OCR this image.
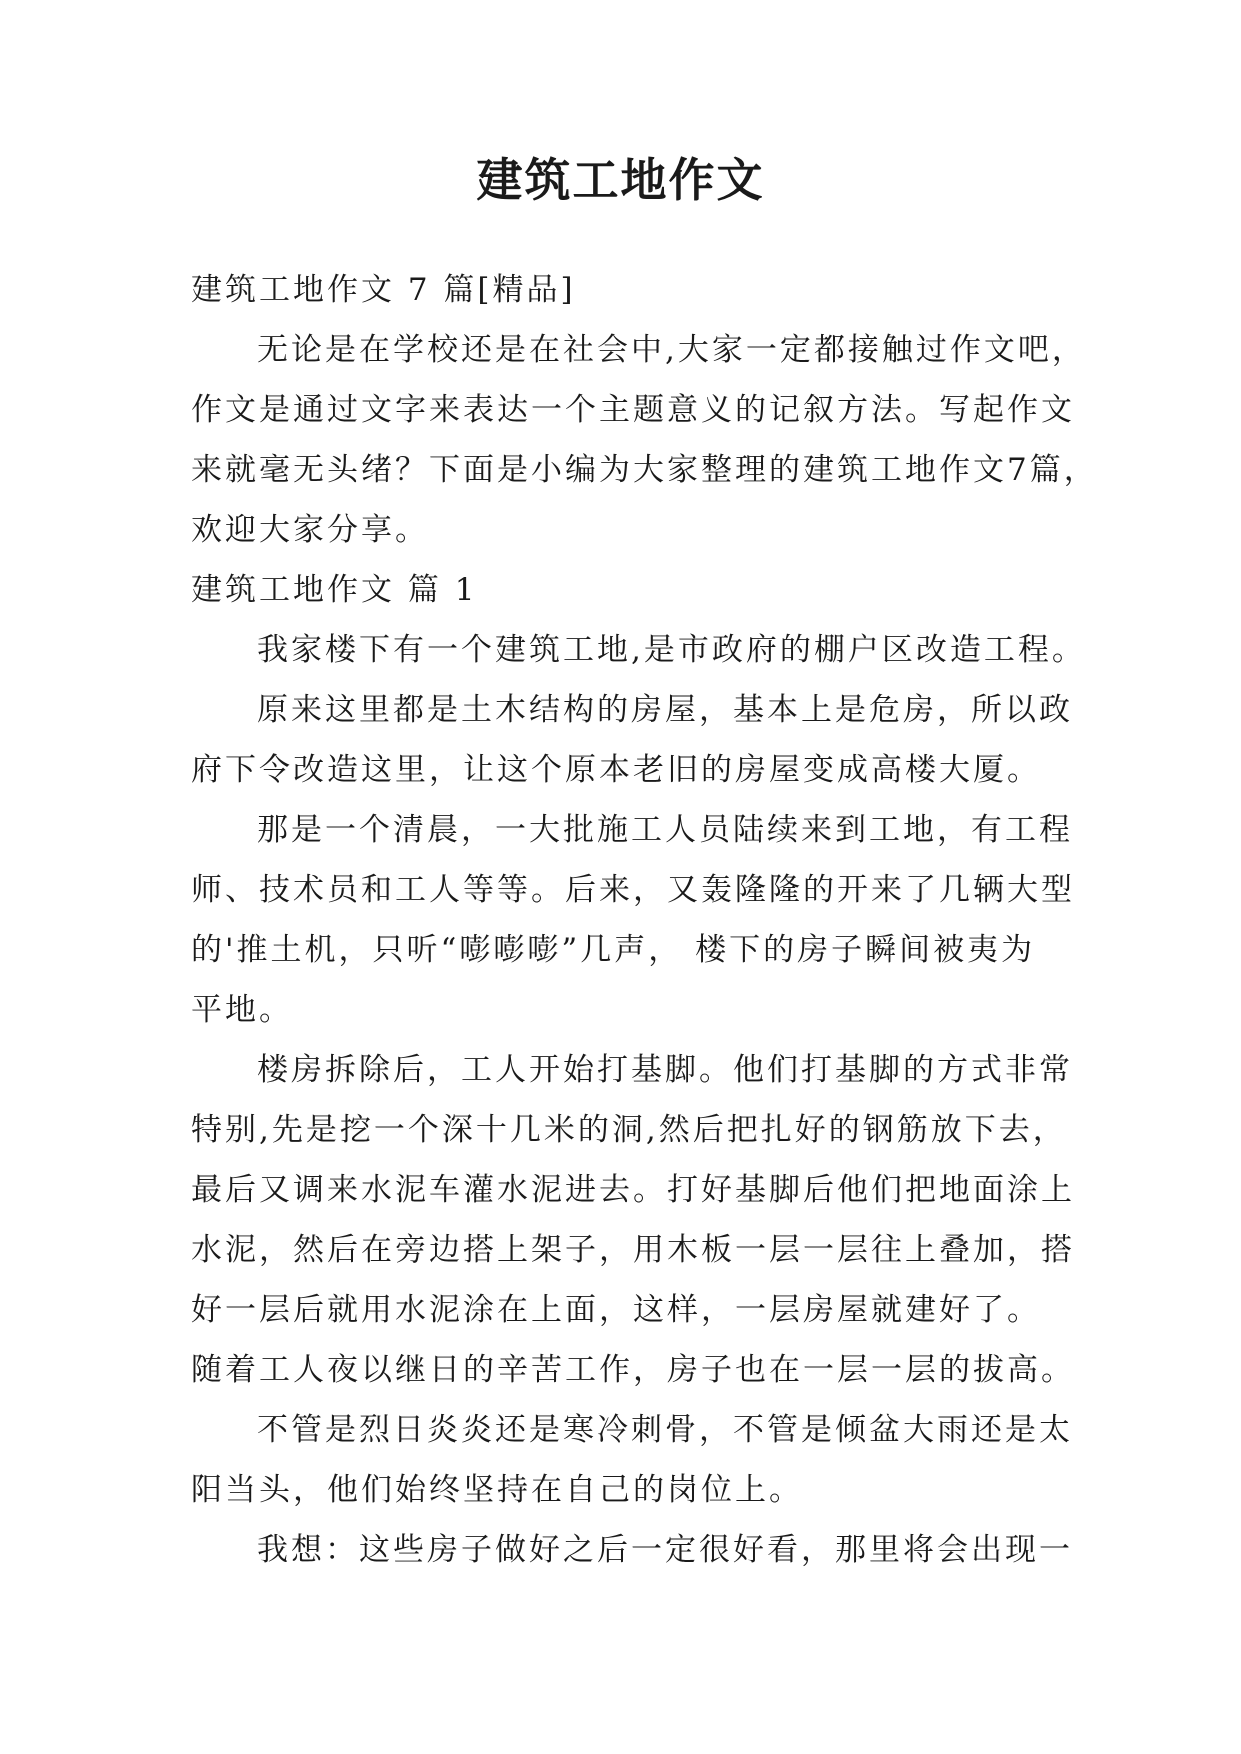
建筑工地作文
建筑工地作文 7 篇[精品]
无论是在学校还是在社会中,大家一定都接触过作文吧，
作文是通过文字来表达一个主题意义的记叙方法。写起作文
来就毫无头绪？下面是小编为大家整理的建筑工地作文7篇，
欢迎大家分享。
建筑工地作文 篇 1
我家楼下有一个建筑工地,是市政府的棚户区改造工程。
原来这里都是土木结构的房屋，基本上是危房，所以政
府下令改造这里，让这个原本老旧的房屋变成高楼大厦。
那是一个清晨，一大批施工人员陆续来到工地，有工程
师、技术员和工人等等。后来，又轰隆隆的开来了几辆大型
的'推土机，只听“嘭嘭嘭”几声， 楼下的房子瞬间被夷为
平地。
楼房拆除后，工人开始打基脚。他们打基脚的方式非常
特别,先是挖一个深十几米的洞,然后把扎好的钢筋放下去，
最后又调来水泥车灌水泥进去。打好基脚后他们把地面涂上
水泥，然后在旁边搭上架子，用木板一层一层往上叠加，搭
好一层后就用水泥涂在上面，这样，一层房屋就建好了。
随着工人夜以继日的辛苦工作，房子也在一层一层的拔高。
不管是烈日炎炎还是寒冷刺骨，不管是倾盆大雨还是太
阳当头，他们始终坚持在自己的岗位上。
我想：这些房子做好之后一定很好看，那里将会出现一
